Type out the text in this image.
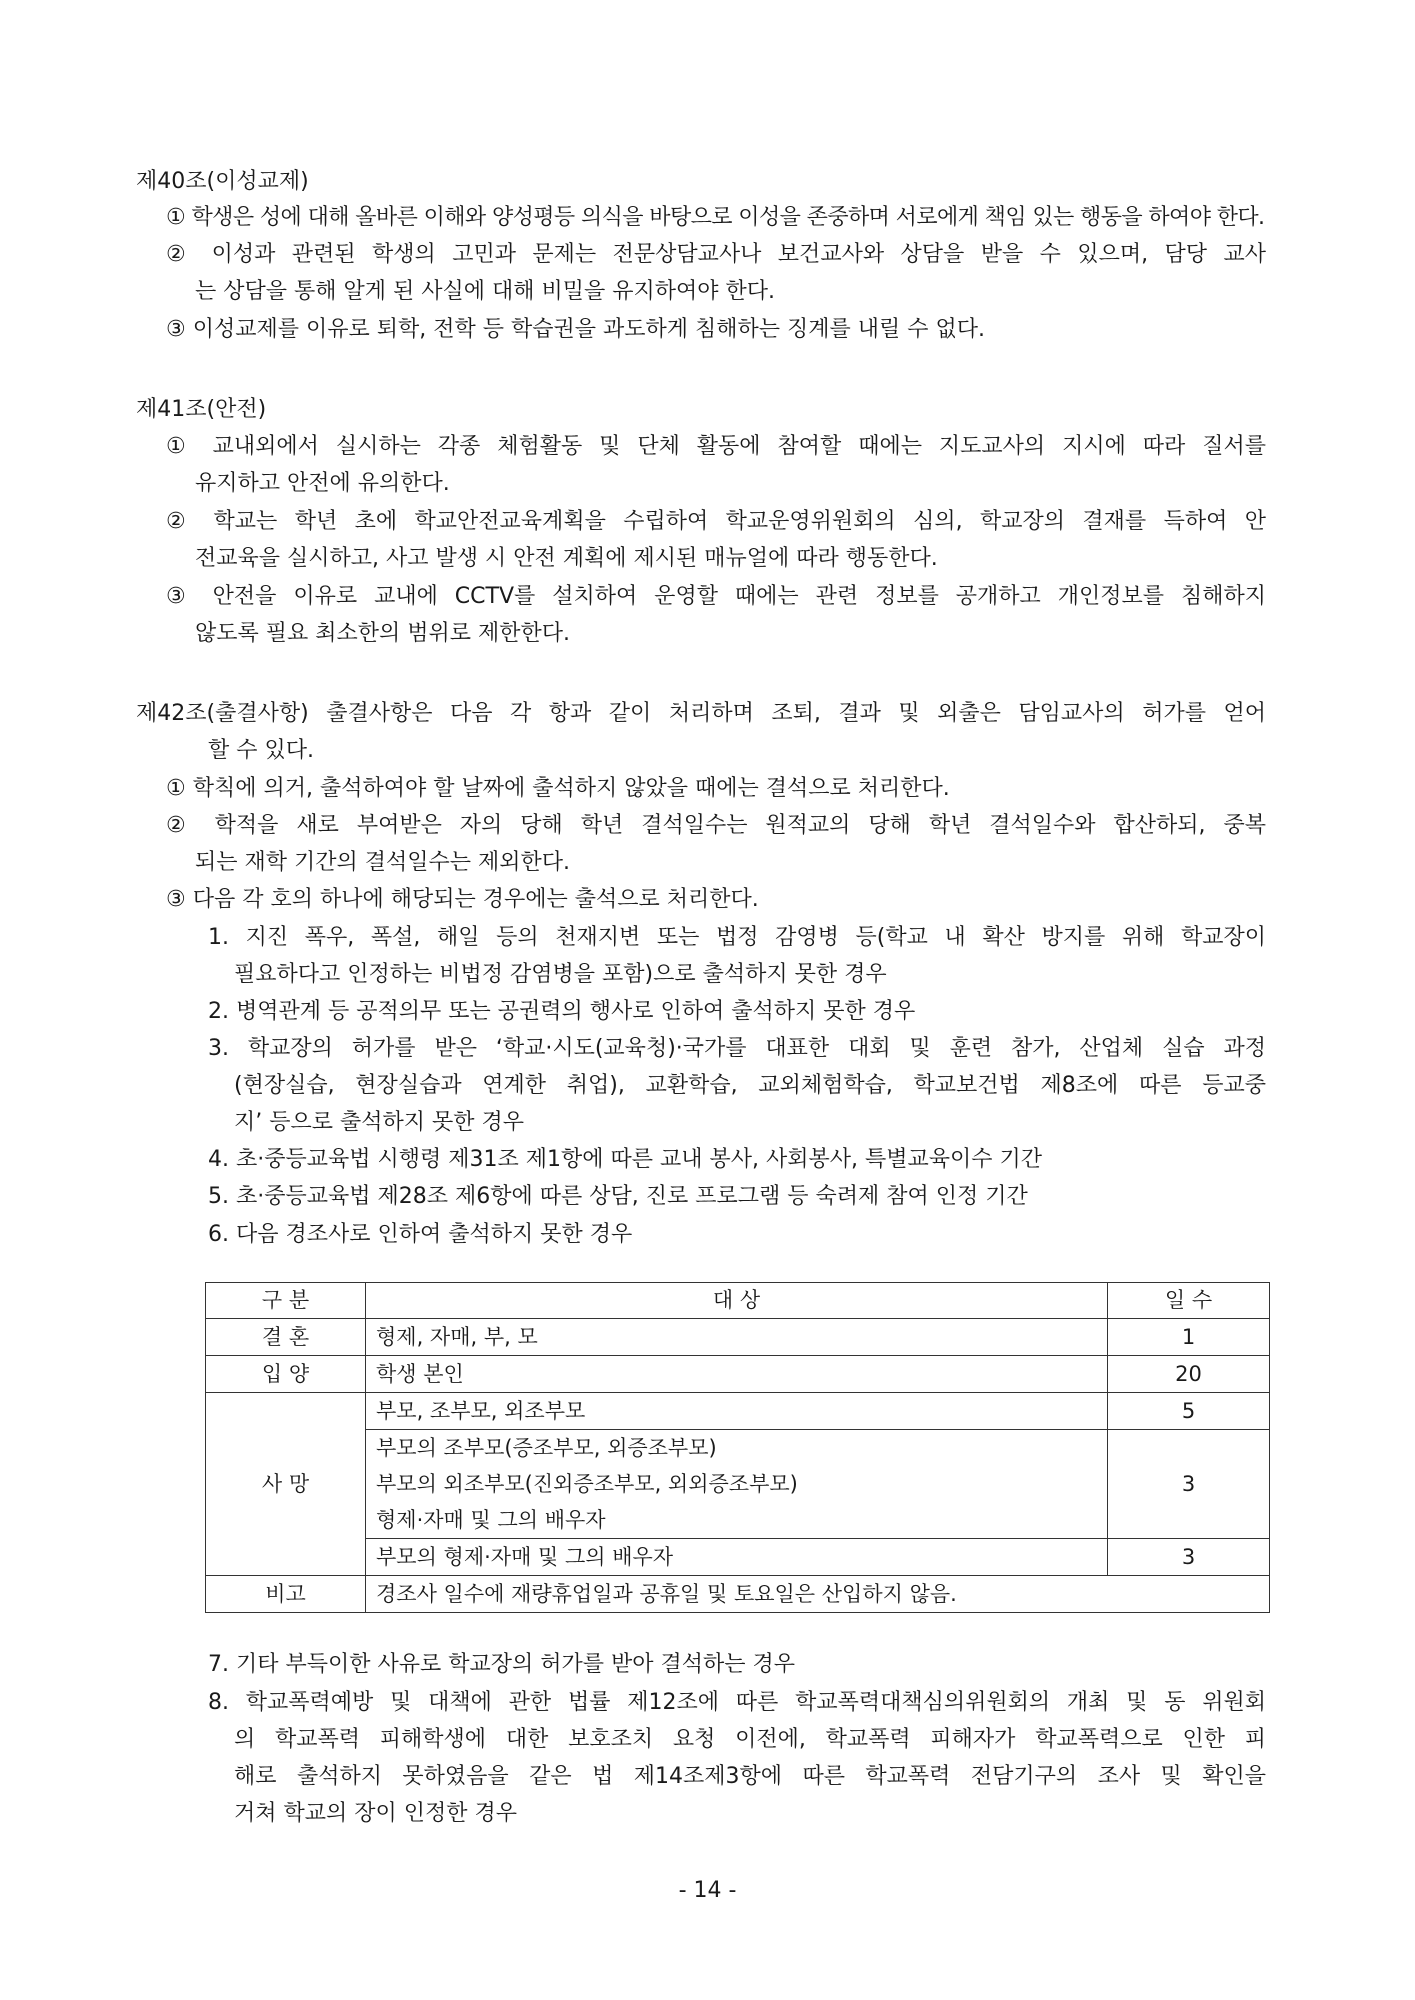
제40조(이성교제)
① 학생은 성에 대해 올바른 이해와 양성평등 의식을 바탕으로 이성을 존중하며 서로에게 책임 있는 행동을 하여야 한다.
② 이성과 관련된 학생의 고민과 문제는 전문상담교사나 보건교사와 상담을 받을 수 있으며, 담당 교사
는 상담을 통해 알게 된 사실에 대해 비밀을 유지하여야 한다.
③ 이성교제를 이유로 퇴학, 전학 등 학습권을 과도하게 침해하는 징계를 내릴 수 없다.
제41조(안전)
① 교내외에서 실시하는 각종 체험활동 및 단체 활동에 참여할 때에는 지도교사의 지시에 따라 질서를
유지하고 안전에 유의한다.
② 학교는 학년 초에 학교안전교육계획을 수립하여 학교운영위원회의 심의, 학교장의 결재를 득하여 안
전교육을 실시하고, 사고 발생 시 안전 계획에 제시된 매뉴얼에 따라 행동한다.
③ 안전을 이유로 교내에 CCTV를 설치하여 운영할 때에는 관련 정보를 공개하고 개인정보를 침해하지
않도록 필요 최소한의 범위로 제한한다.
제42조(출결사항) 출결사항은 다음 각 항과 같이 처리하며 조퇴, 결과 및 외출은 담임교사의 허가를 얻어
할 수 있다.
① 학칙에 의거, 출석하여야 할 날짜에 출석하지 않았을 때에는 결석으로 처리한다.
② 학적을 새로 부여받은 자의 당해 학년 결석일수는 원적교의 당해 학년 결석일수와 합산하되, 중복
되는 재학 기간의 결석일수는 제외한다.
③ 다음 각 호의 하나에 해당되는 경우에는 출석으로 처리한다.
1. 지진 폭우, 폭설, 해일 등의 천재지변 또는 법정 감영병 등(학교 내 확산 방지를 위해 학교장이
필요하다고 인정하는 비법정 감염병을 포함)으로 출석하지 못한 경우
2. 병역관계 등 공적의무 또는 공권력의 행사로 인하여 출석하지 못한 경우
3. 학교장의 허가를 받은 ‘학교·시도(교육청)·국가를 대표한 대회 및 훈련 참가, 산업체 실습 과정
(현장실습, 현장실습과 연계한 취업), 교환학습, 교외체험학습, 학교보건법 제8조에 따른 등교중
지’ 등으로 출석하지 못한 경우
4. 초·중등교육법 시행령 제31조 제1항에 따른 교내 봉사, 사회봉사, 특별교육이수 기간
5. 초·중등교육법 제28조 제6항에 따른 상담, 진로 프로그램 등 숙려제 참여 인정 기간
6. 다음 경조사로 인하여 출석하지 못한 경우
구 분	대 상	일 수
결 혼	형제, 자매, 부, 모	1
입 양	학생 본인	20
사 망	부모, 조부모, 외조부모	5
	부모의 조부모(증조부모, 외증조부모)	3
	부모의 외조부모(진외증조부모, 외외증조부모)	
	형제·자매 및 그의 배우자	
	부모의 형제·자매 및 그의 배우자	3
비고	경조사 일수에 재량휴업일과 공휴일 및 토요일은 산입하지 않음.	
7. 기타 부득이한 사유로 학교장의 허가를 받아 결석하는 경우
8. 학교폭력예방 및 대책에 관한 법률 제12조에 따른 학교폭력대책심의위원회의 개최 및 동 위원회
의 학교폭력 피해학생에 대한 보호조치 요청 이전에, 학교폭력 피해자가 학교폭력으로 인한 피
해로 출석하지 못하였음을 같은 법 제14조제3항에 따른 학교폭력 전담기구의 조사 및 확인을
거쳐 학교의 장이 인정한 경우
- 14 -
